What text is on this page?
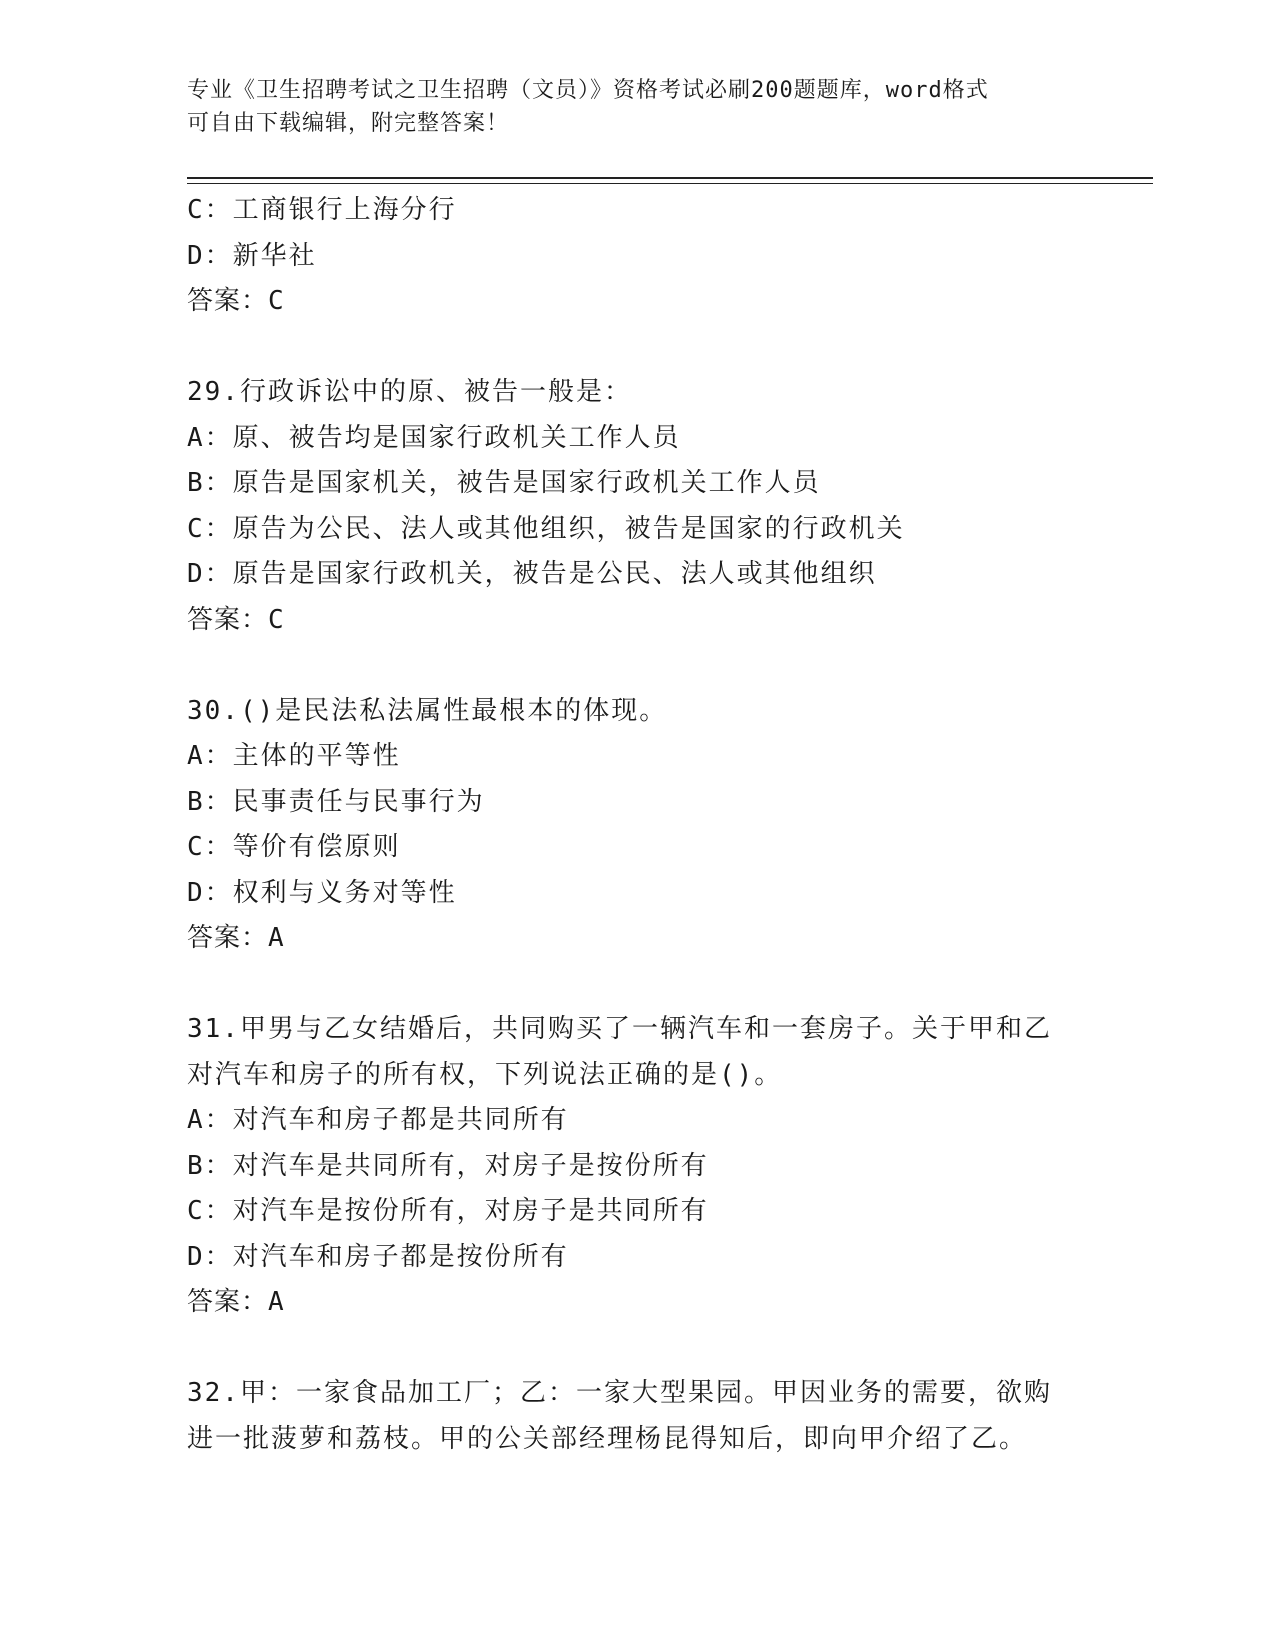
专业《卫生招聘考试之卫生招聘（文员）》资格考试必刷200题题库，word格式
可自由下载编辑，附完整答案！
C：工商银行上海分行
D：新华社
答案：C
29.行政诉讼中的原、被告一般是：
A：原、被告均是国家行政机关工作人员
B：原告是国家机关，被告是国家行政机关工作人员
C：原告为公民、法人或其他组织，被告是国家的行政机关
D：原告是国家行政机关，被告是公民、法人或其他组织
答案：C
30.()是民法私法属性最根本的体现。
A：主体的平等性
B：民事责任与民事行为
C：等价有偿原则
D：权利与义务对等性
答案：A
31.甲男与乙女结婚后，共同购买了一辆汽车和一套房子。关于甲和乙
对汽车和房子的所有权，下列说法正确的是()。
A：对汽车和房子都是共同所有
B：对汽车是共同所有，对房子是按份所有
C：对汽车是按份所有，对房子是共同所有
D：对汽车和房子都是按份所有
答案：A
32.甲：一家食品加工厂；乙：一家大型果园。甲因业务的需要，欲购
进一批菠萝和荔枝。甲的公关部经理杨昆得知后，即向甲介绍了乙。
